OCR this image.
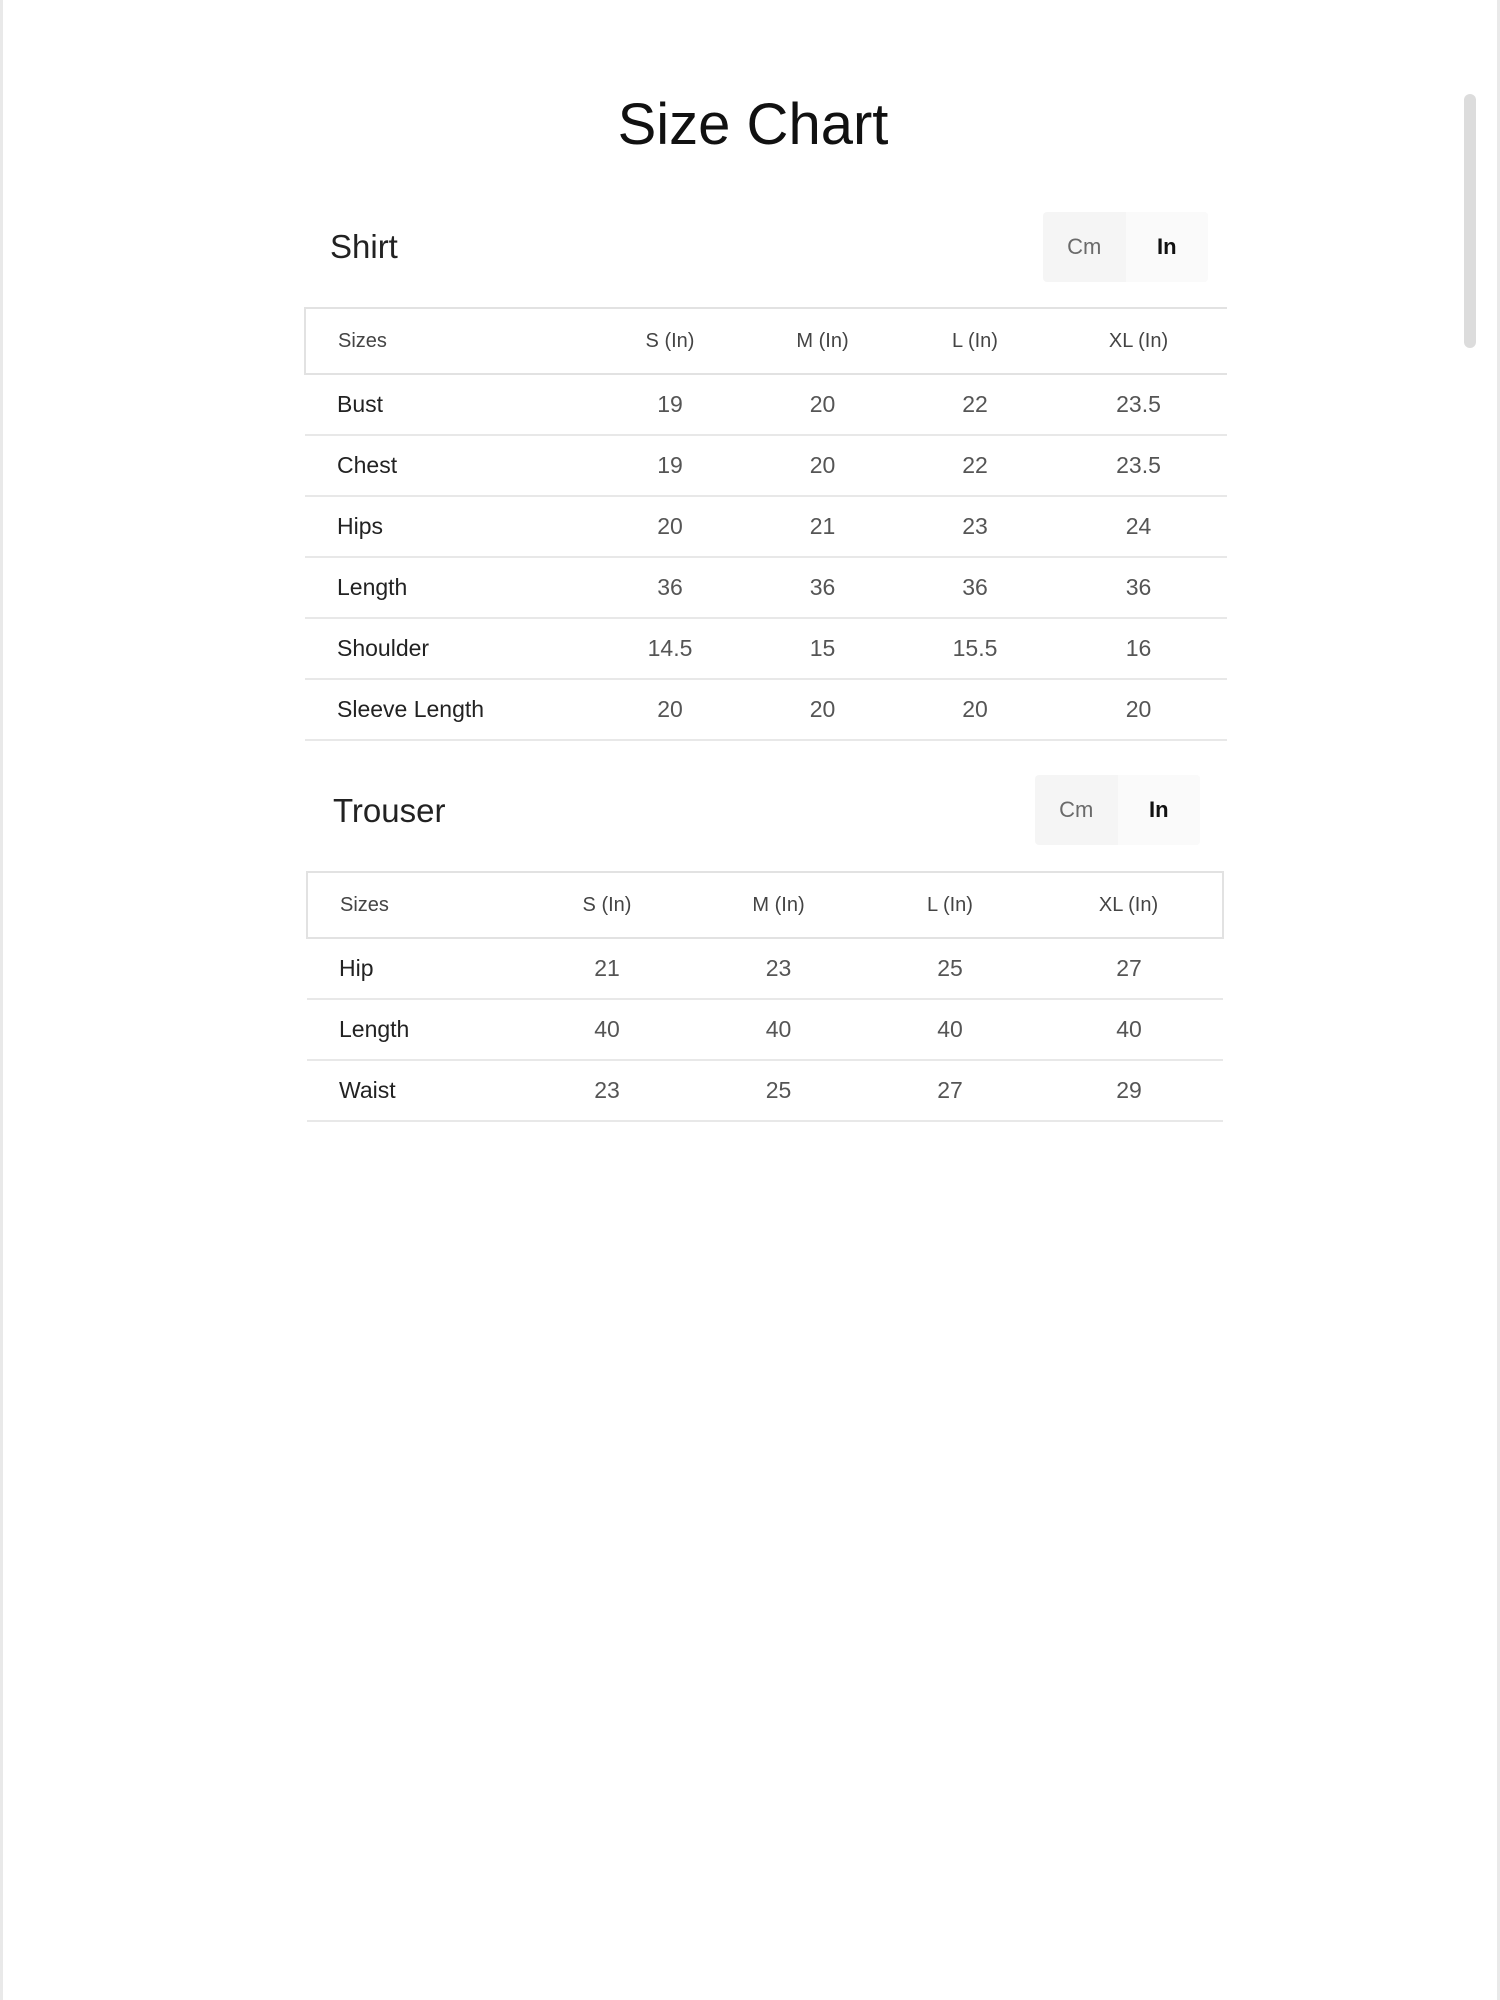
Size Chart
Shirt	Cm	In
Sizes	S (In)	M (In)	L (In)	XL (In)
Bust	19	20	22	23.5
Chest	19	20	22	23.5
Hips	20	21	23	24
Length	36	36	36	36
Shoulder	14.5	15	15.5	16
Sleeve Length	20	20	20	20
Trouser	Cm	In
Sizes	S (In)	M (In)	L (In)	XL (In)
Hip	21	23	25	27
Length	40	40	40	40
Waist	23	25	27	29
